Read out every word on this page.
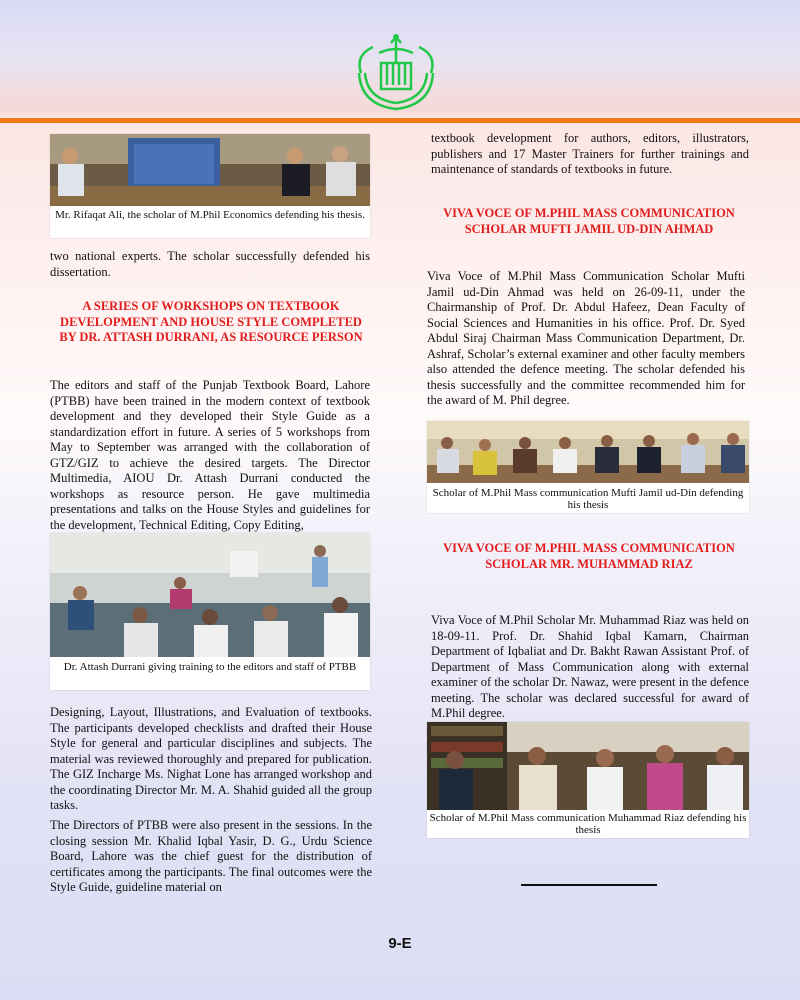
Mr. Rifaqat Ali, the scholar of M.Phil Economics defending his thesis.
two national experts. The scholar successfully defended his dissertation.
A SERIES OF WORKSHOPS ON TEXTBOOK DEVELOPMENT AND HOUSE STYLE COMPLETED BY DR. ATTASH DURRANI, AS RESOURCE PERSON
The editors and staff of the Punjab Textbook Board, Lahore (PTBB) have been trained in the modern context of textbook development and they developed their Style Guide as a standardization effort in future. A series of 5 workshops from May to September was arranged with the collaboration of GTZ/GIZ to achieve the desired targets. The Director Multimedia, AIOU Dr. Attash Durrani conducted the workshops as resource person. He gave multimedia presentations and talks on the House Styles and guidelines for the development, Technical Editing, Copy Editing,
Dr. Attash Durrani giving training to the editors and staff of PTBB
Designing, Layout, Illustrations, and Evaluation of textbooks. The participants developed checklists and drafted their House Style for general and particular disciplines and subjects. The material was reviewed thoroughly and prepared for publication. The GIZ Incharge Ms. Nighat Lone has arranged workshop and the coordinating Director Mr. M. A. Shahid guided all the group tasks.
The Directors of PTBB were also present in the sessions. In the closing session Mr. Khalid Iqbal Yasir, D. G., Urdu Science Board, Lahore was the chief guest for the distribution of certificates among the participants. The final outcomes were the Style Guide, guideline material on
textbook development for authors, editors, illustrators, publishers and 17 Master Trainers for further trainings and maintenance of standards of textbooks in future.
VIVA VOCE OF M.PHIL MASS COMMUNICATION SCHOLAR MUFTI JAMIL UD-DIN AHMAD
Viva Voce of M.Phil Mass Communication Scholar Mufti Jamil ud-Din Ahmad was held on 26-09-11, under the Chairmanship of Prof. Dr. Abdul Hafeez, Dean Faculty of Social Sciences and Humanities in his office. Prof. Dr. Syed Abdul Siraj Chairman Mass Communication Department, Dr. Ashraf, Scholar’s external examiner and other faculty members also attended the defence meeting. The scholar defended his thesis successfully and the committee recommended him for the award of M. Phil degree.
Scholar of M.Phil Mass communication Mufti Jamil ud-Din defending his thesis
VIVA VOCE OF M.PHIL MASS COMMUNICATION SCHOLAR MR. MUHAMMAD RIAZ
Viva Voce of M.Phil Scholar Mr. Muhammad Riaz was held on 18-09-11. Prof. Dr. Shahid Iqbal Kamarn, Chairman Department of Iqbaliat and Dr. Bakht Rawan Assistant Prof. of Department of Mass Communication along with external examiner of the scholar Dr. Nawaz, were present in the defence meeting. The scholar was declared successful for award of M.Phil degree.
Scholar of M.Phil Mass communication Muhammad Riaz defending his thesis
9-E
